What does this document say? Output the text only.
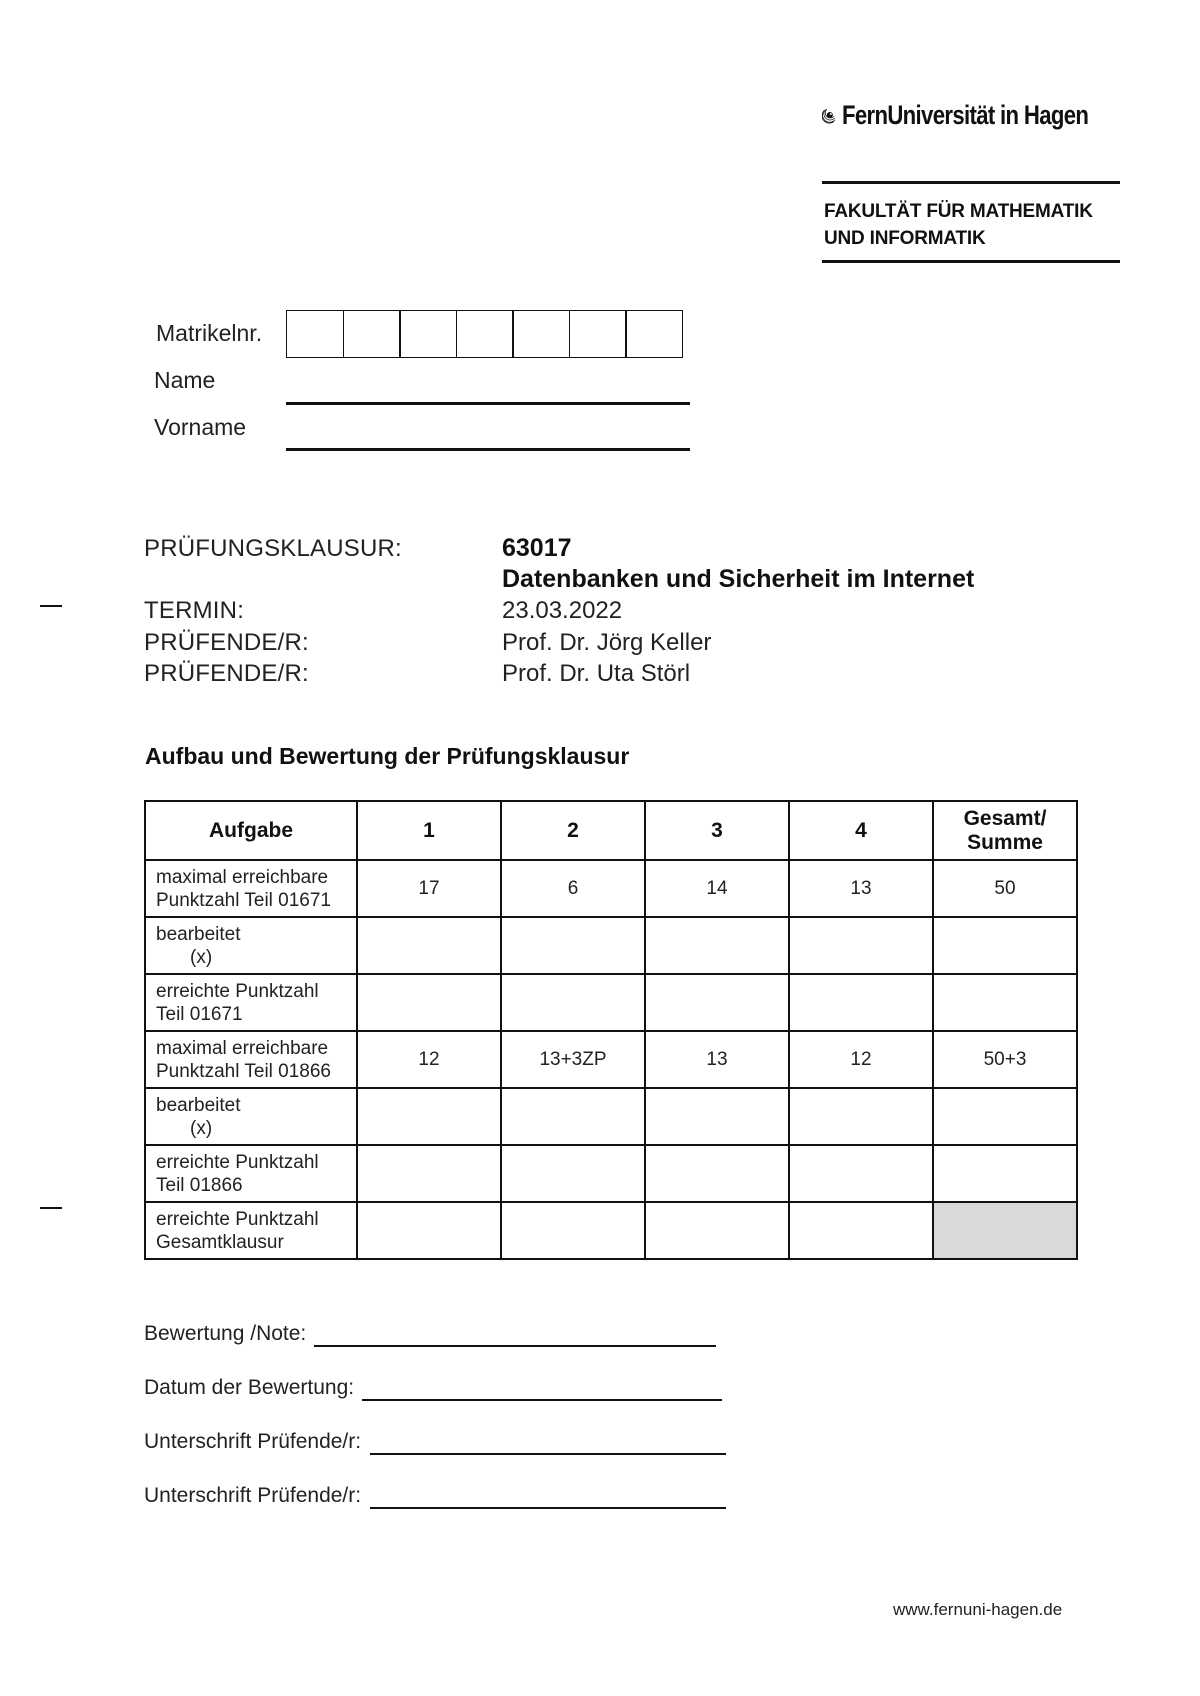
FernUniversität in Hagen
FAKULTÄT FÜR MATHEMATIK
UND INFORMATIK
Matrikelnr.
Name
Vorname
PRÜFUNGSKLAUSUR:	63017
Datenbanken und Sicherheit im Internet
TERMIN:	23.03.2022
PRÜFENDE/R:	Prof. Dr. Jörg Keller
PRÜFENDE/R:	Prof. Dr. Uta Störl
Aufbau und Bewertung der Prüfungsklausur
Aufgabe	1	2	3	4	Gesamt/
Summe

maximal erreichbare
Punktzahl Teil 01671	17	6	14	13	50

bearbeitet
(x)					

erreichte Punktzahl
Teil 01671					

maximal erreichbare
Punktzahl Teil 01866	12	13+3ZP	13	12	50+3

bearbeitet
(x)					

erreichte Punktzahl
Teil 01866					

erreichte Punktzahl
Gesamtklausur					

Bewertung /Note:
Datum der Bewertung:
Unterschrift Prüfende/r:
Unterschrift Prüfende/r:
www.fernuni-hagen.de
